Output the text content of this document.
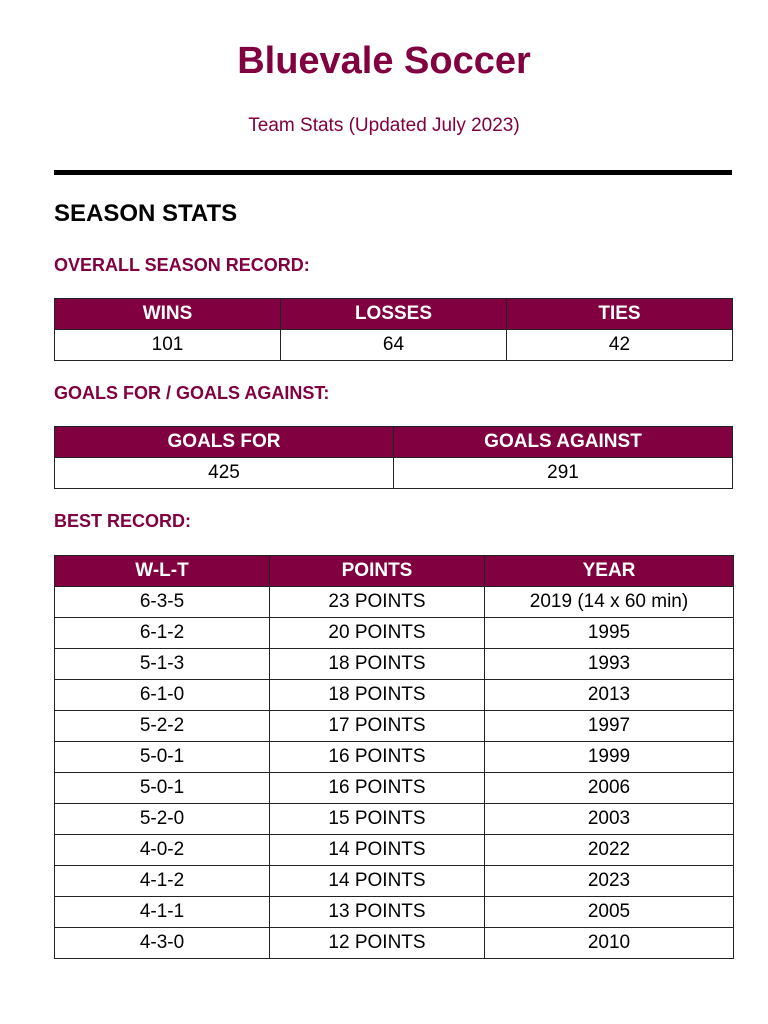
Bluevale Soccer
Team Stats (Updated July 2023)
SEASON STATS
OVERALL SEASON RECORD:
WINS	LOSSES	TIES
101	64	42
GOALS FOR / GOALS AGAINST:
GOALS FOR	GOALS AGAINST
425	291
BEST RECORD:
W-L-T	POINTS	YEAR
6-3-5	23 POINTS	2019 (14 x 60 min)
6-1-2	20 POINTS	1995
5-1-3	18 POINTS	1993
6-1-0	18 POINTS	2013
5-2-2	17 POINTS	1997
5-0-1	16 POINTS	1999
5-0-1	16 POINTS	2006
5-2-0	15 POINTS	2003
4-0-2	14 POINTS	2022
4-1-2	14 POINTS	2023
4-1-1	13 POINTS	2005
4-3-0	12 POINTS	2010
